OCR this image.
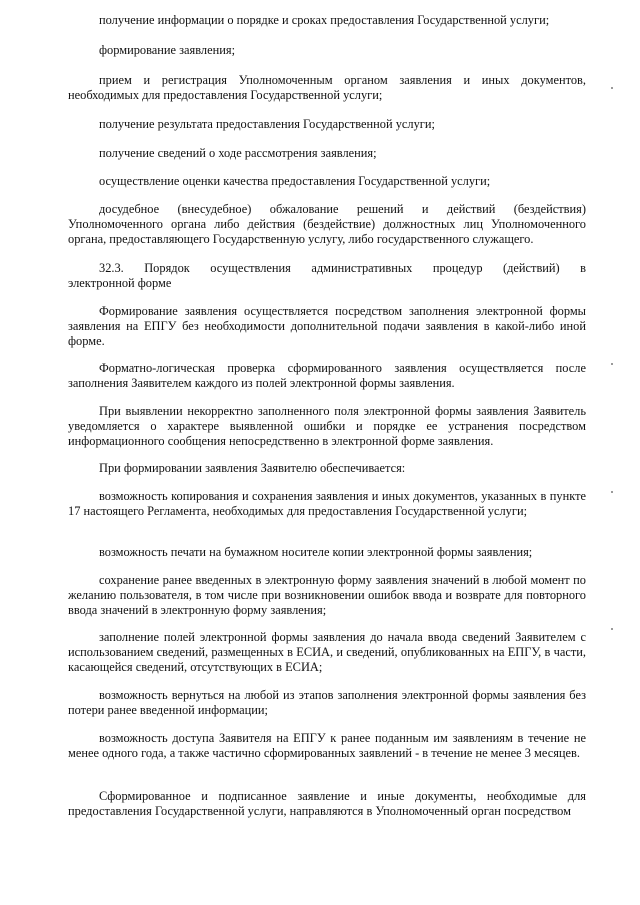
получение информации о порядке и сроках предоставления Государственной услуги;

формирование заявления;

прием и регистрация Уполномоченным органом заявления и иных документов, необходимых для предоставления Государственной услуги;

получение результата предоставления Государственной услуги;

получение сведений о ходе рассмотрения заявления;

осуществление оценки качества предоставления Государственной услуги;

досудебное (внесудебное) обжалование решений и действий (бездействия) Уполномоченного органа либо действия (бездействие) должностных лиц Уполномоченного органа, предоставляющего Государственную услугу, либо государственного служащего.

32.3. Порядок осуществления административных процедур (действий) в
электронной форме

Формирование заявления осуществляется посредством заполнения электронной формы заявления на ЕПГУ без необходимости дополнительной подачи заявления в какой-либо иной форме.

Форматно-логическая проверка сформированного заявления осуществляется после заполнения Заявителем каждого из полей электронной формы заявления.

При выявлении некорректно заполненного поля электронной формы заявления Заявитель уведомляется о характере выявленной ошибки и порядке ее устранения посредством информационного сообщения непосредственно в электронной форме заявления.

При формировании заявления Заявителю обеспечивается:

возможность копирования и сохранения заявления и иных документов, указанных в пункте 17 настоящего Регламента, необходимых для предоставления Государственной услуги;

возможность печати на бумажном носителе копии электронной формы заявления;

сохранение ранее введенных в электронную форму заявления значений в любой момент по желанию пользователя, в том числе при возникновении ошибок ввода и возврате для повторного ввода значений в электронную форму заявления;

заполнение полей электронной формы заявления до начала ввода сведений Заявителем с использованием сведений, размещенных в ЕСИА, и сведений, опубликованных на ЕПГУ, в части, касающейся сведений, отсутствующих в ЕСИА;

возможность вернуться на любой из этапов заполнения электронной формы заявления без потери ранее введенной информации;

возможность доступа Заявителя на ЕПГУ к ранее поданным им заявлениям в течение не менее одного года, а также частично сформированных заявлений - в течение не менее 3 месяцев.

Сформированное и подписанное заявление и иные документы, необходимые для предоставления Государственной услуги, направляются в Уполномоченный орган посредством
